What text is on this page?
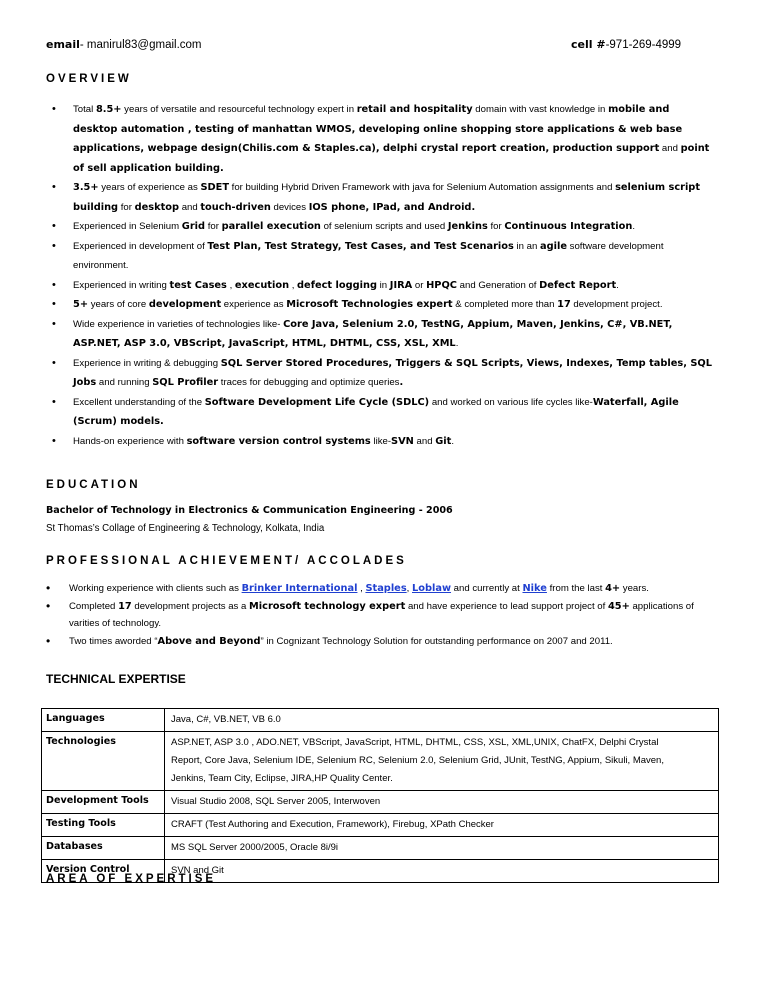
email- manirul83@gmail.com	cell #-971-269-4999
OVERVIEW
• Total 8.5+ years of versatile and resourceful technology expert in retail and hospitality domain with vast knowledge in mobile and desktop automation , testing of manhattan WMOS, developing online shopping store applications & web base applications, webpage design(Chilis.com & Staples.ca), delphi crystal report creation, production support and point of sell application building.
• 3.5+ years of experience as SDET for building Hybrid Driven Framework with java for Selenium Automation assignments and selenium script building for desktop and touch-driven devices IOS phone, IPad, and Android.
• Experienced in Selenium Grid for parallel execution of selenium scripts and used Jenkins for Continuous Integration.
• Experienced in development of Test Plan, Test Strategy, Test Cases, and Test Scenarios in an agile software development environment.
• Experienced in writing test Cases , execution , defect logging in JIRA or HPQC and Generation of Defect Report.
• 5+ years of core development experience as Microsoft Technologies expert & completed more than 17 development project.
• Wide experience in varieties of technologies like- Core Java, Selenium 2.0, TestNG, Appium, Maven, Jenkins, C#, VB.NET, ASP.NET, ASP 3.0, VBScript, JavaScript, HTML, DHTML, CSS, XSL, XML.
• Experience in writing & debugging SQL Server Stored Procedures, Triggers & SQL Scripts, Views, Indexes, Temp tables, SQL Jobs and running SQL Profiler traces for debugging and optimize queries.
• Excellent understanding of the Software Development Life Cycle (SDLC) and worked on various life cycles like-Waterfall, Agile (Scrum) models.
• Hands-on experience with software version control systems like-SVN and Git.
EDUCATION
Bachelor of Technology in Electronics & Communication Engineering - 2006
St Thomas’s Collage of Engineering & Technology, Kolkata, India
PROFESSIONAL ACHIEVEMENT/ ACCOLADES
• Working experience with clients such as Brinker International , Staples, Loblaw and currently at Nike from the last 4+ years.
• Completed 17 development projects as a Microsoft technology expert and have experience to lead support project of 45+ applications of varities of technology.
• Two times aworded “Above and Beyond” in Cognizant Technology Solution for outstanding performance on 2007 and 2011.
TECHNICAL EXPERTISE
Languages	Java, C#, VB.NET, VB 6.0

Technologies	ASP.NET, ASP 3.0 , ADO.NET, VBScript, JavaScript, HTML, DHTML, CSS, XSL, XML,UNIX, ChatFX, Delphi Crystal
Report, Core Java, Selenium IDE, Selenium RC, Selenium 2.0, Selenium Grid, JUnit, TestNG, Appium, Sikuli, Maven,
Jenkins, Team City, Eclipse, JIRA,HP Quality Center.

Development Tools	Visual Studio 2008, SQL Server 2005, Interwoven

Testing Tools	CRAFT (Test Authoring and Execution, Framework), Firebug, XPath Checker

Databases	MS SQL Server 2000/2005, Oracle 8i/9i

Version Control	SVN and Git
AREA OF EXPERTISE
